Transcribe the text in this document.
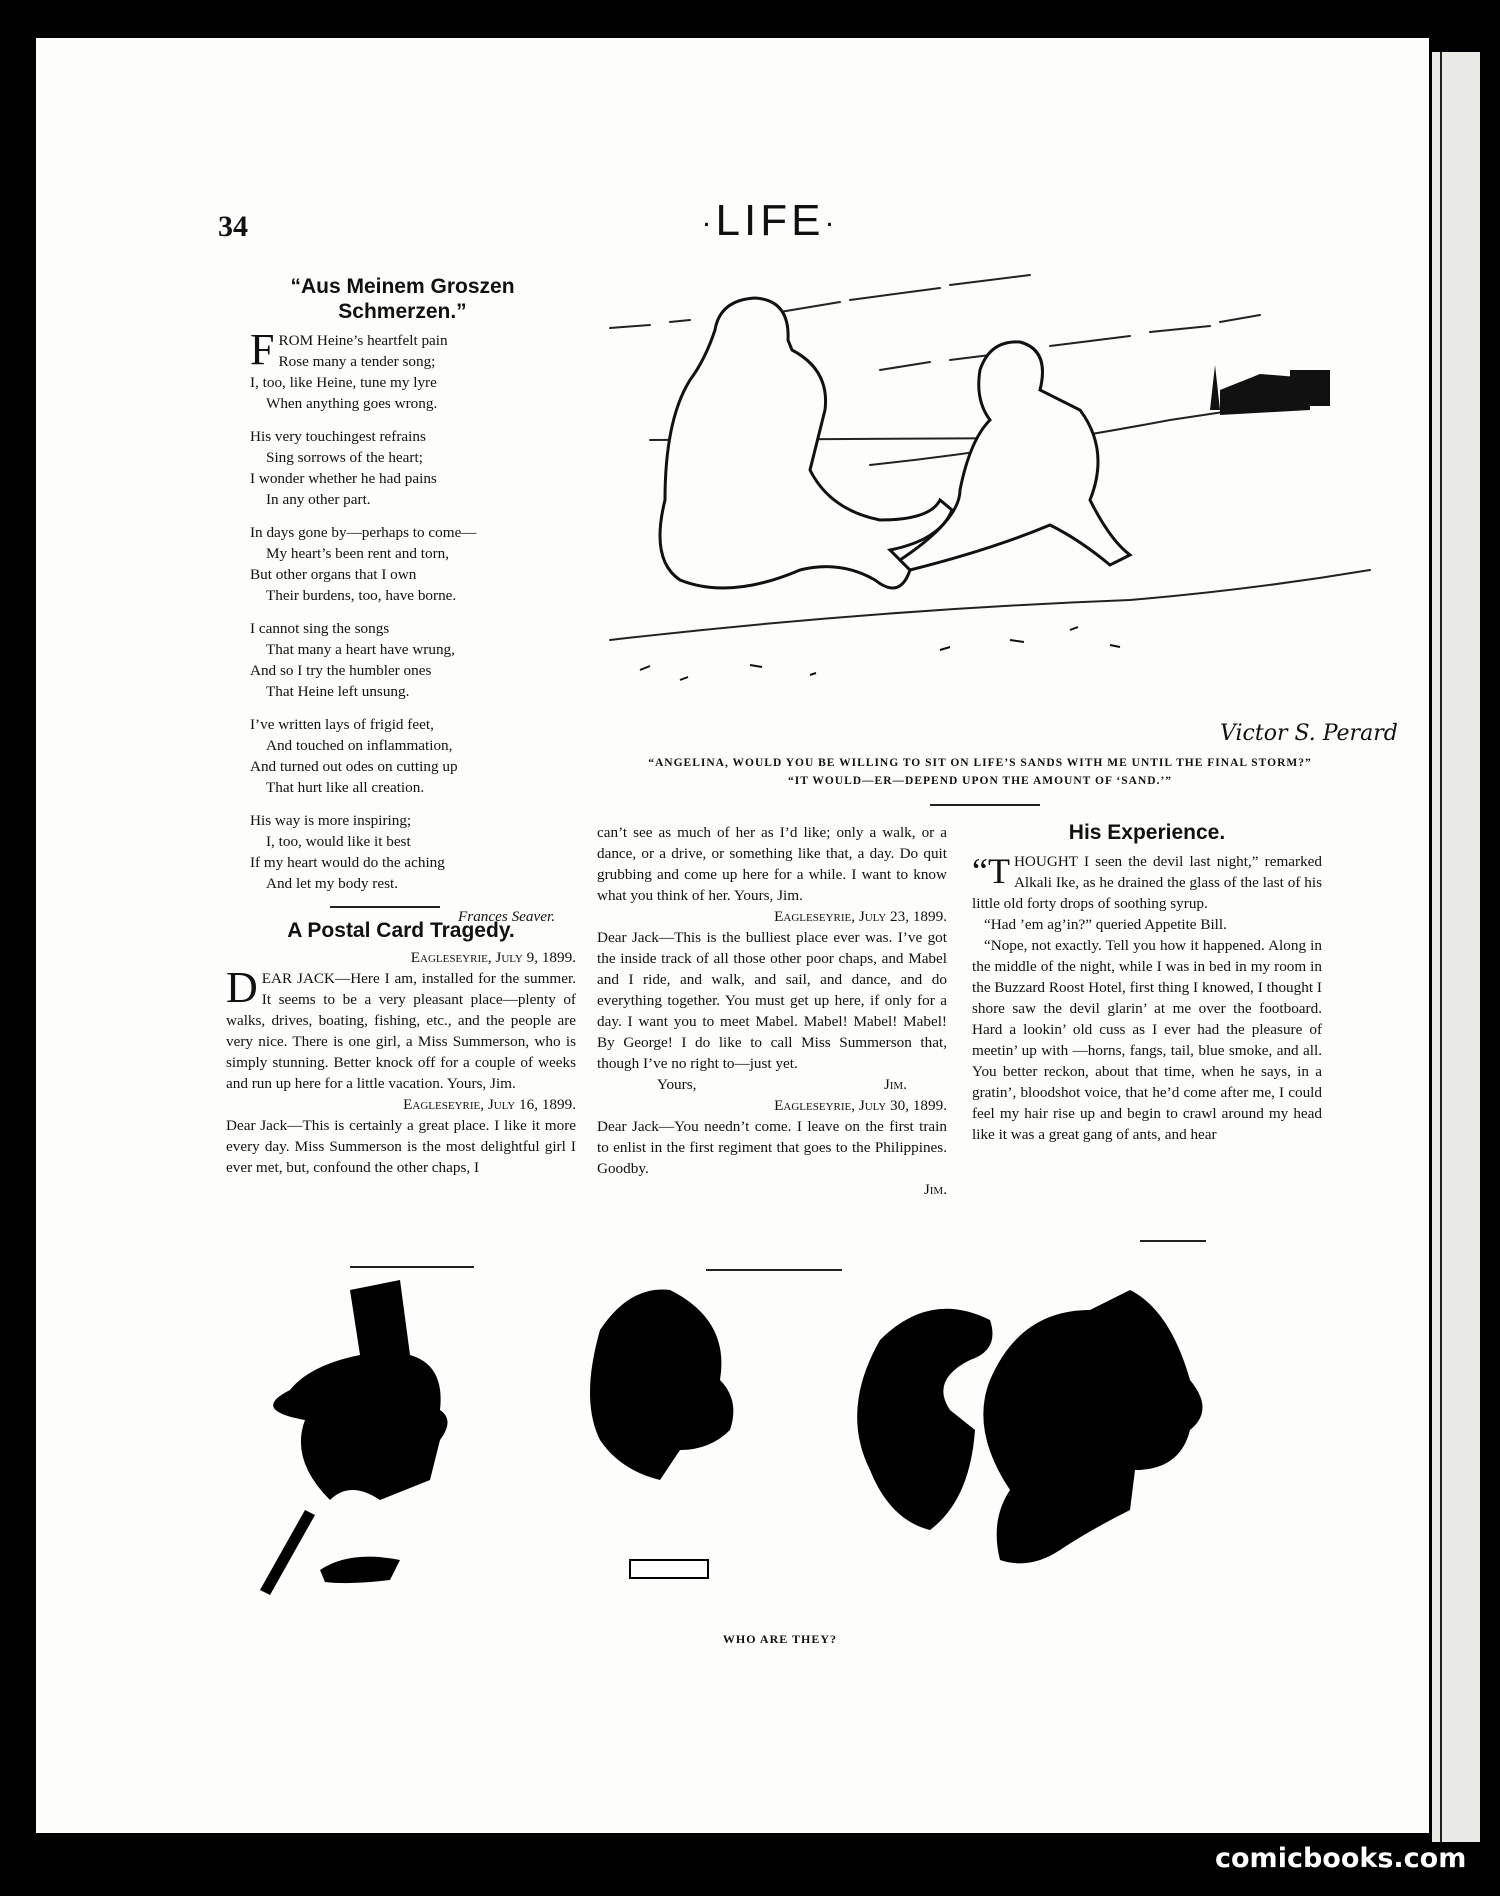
34	·LIFE·
“Aus Meinem Groszen
Schmerzen.”
F ROM Heine’s heartfelt pain
Rose many a tender song;
I, too, like Heine, tune my lyre
When anything goes wrong.
His very touchingest refrains
Sing sorrows of the heart;
I wonder whether he had pains
In any other part.
In days gone by—perhaps to come—
My heart’s been rent and torn,
But other organs that I own
Their burdens, too, have borne.
I cannot sing the songs
That many a heart have wrung,
And so I try the humbler ones
That Heine left unsung.
I’ve written lays of frigid feet,
And touched on inflammation,
And turned out odes on cutting up
That hurt like all creation.
His way is more inspiring;
I, too, would like it best
If my heart would do the aching
And let my body rest.
Frances Seaver.
Victor S. Perard
“ANGELINA, WOULD YOU BE WILLING TO SIT ON LIFE’S SANDS WITH ME UNTIL THE FINAL STORM?”
“IT WOULD—ER—DEPEND UPON THE AMOUNT OF ‘SAND.’”
A Postal Card Tragedy.
Eagleseyrie, July 9, 1899.

DEAR JACK—Here I am, installed for the summer. It seems to be a very pleasant place—plenty of walks, drives, boating, fishing, etc., and the people are very nice. There is one girl, a Miss Summerson, who is simply stunning. Better knock off for a couple of weeks and run up here for a little vacation. Yours, Jim.

Eagleseyrie, July 16, 1899.

Dear Jack—This is certainly a great place. I like it more every day. Miss Summerson is the most delightful girl I ever met, but, confound the other chaps, I

can’t see as much of her as I’d like; only a walk, or a dance, or a drive, or something like that, a day. Do quit grubbing and come up here for a while. I want to know what you think of her. Yours, Jim.

Eagleseyrie, July 23, 1899.

Dear Jack—This is the bulliest place ever was. I’ve got the inside track of all those other poor chaps, and Mabel and I ride, and walk, and sail, and dance, and do everything together. You must get up here, if only for a day. I want you to meet Mabel. Mabel! Mabel! Mabel! By George! I do like to call Miss Summerson that, though I’ve no right to—just yet.

Yours,	Jim.
Eagleseyrie, July 30, 1899.

Dear Jack—You needn’t come. I leave on the first train to enlist in the first regiment that goes to the Philippines. Goodby.

Jim.
His Experience.

“THOUGHT I seen the devil last night,” remarked Alkali Ike, as he drained the glass of the last of his little old forty drops of soothing syrup.

“Had ’em ag’in?” queried Appetite Bill.

“Nope, not exactly. Tell you how it happened. Along in the middle of the night, while I was in bed in my room in the Buzzard Roost Hotel, first thing I knowed, I thought I shore saw the devil glarin’ at me over the footboard. Hard a lookin’ old cuss as I ever had the pleasure of meetin’ up with —horns, fangs, tail, blue smoke, and all. You better reckon, about that time, when he says, in a gratin’, bloodshot voice, that he’d come after me, I could feel my hair rise up and begin to crawl around my head like it was a great gang of ants, and hear

WHO ARE THEY?
comicbooks.com
